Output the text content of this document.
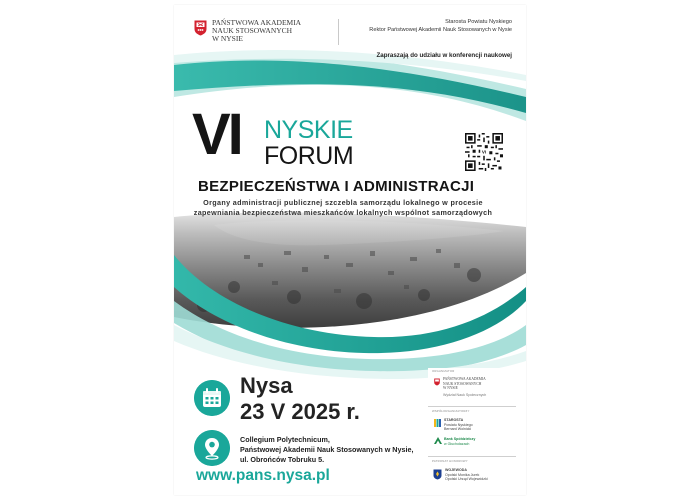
PAŃSTWOWA AKADEMIA
NAUK STOSOWANYCH
W NYSIE
Starosta Powiatu Nyskiego
Rektor Państwowej Akademii Nauk Stosowanych w Nysie
Zapraszają do udziału w konferencji naukowej
VI NYSKIE
FORUM
BEZPIECZEŃSTWA I ADMINISTRACJI
Organy administracji publicznej szczebla samorządu lokalnego w procesie
zapewniania bezpieczeństwa mieszkańców lokalnych wspólnot samorządowych
VI
Nysa
23 V 2025 r.
Collegium Polytechnicum,
Państwowej Akademii Nauk Stosowanych w Nysie,
ul. Obrońców Tobruku 5.
www.pans.nysa.pl
ORGANIZATOR
PAŃSTWOWA AKADEMIA
NAUK STOSOWANYCH
W NYSIE
Wydział Nauk Społecznych
WSPÓŁORGANIZATORZY
STAROSTA
Powiatu Nyskiego
Bernard Wolnicki
Bank Spółdzielczy
w Głuchołazach
PATRONAT HONOROWY
WOJEWODA
Opolski Monika Jurek
Opolski Urząd Wojewódzki
